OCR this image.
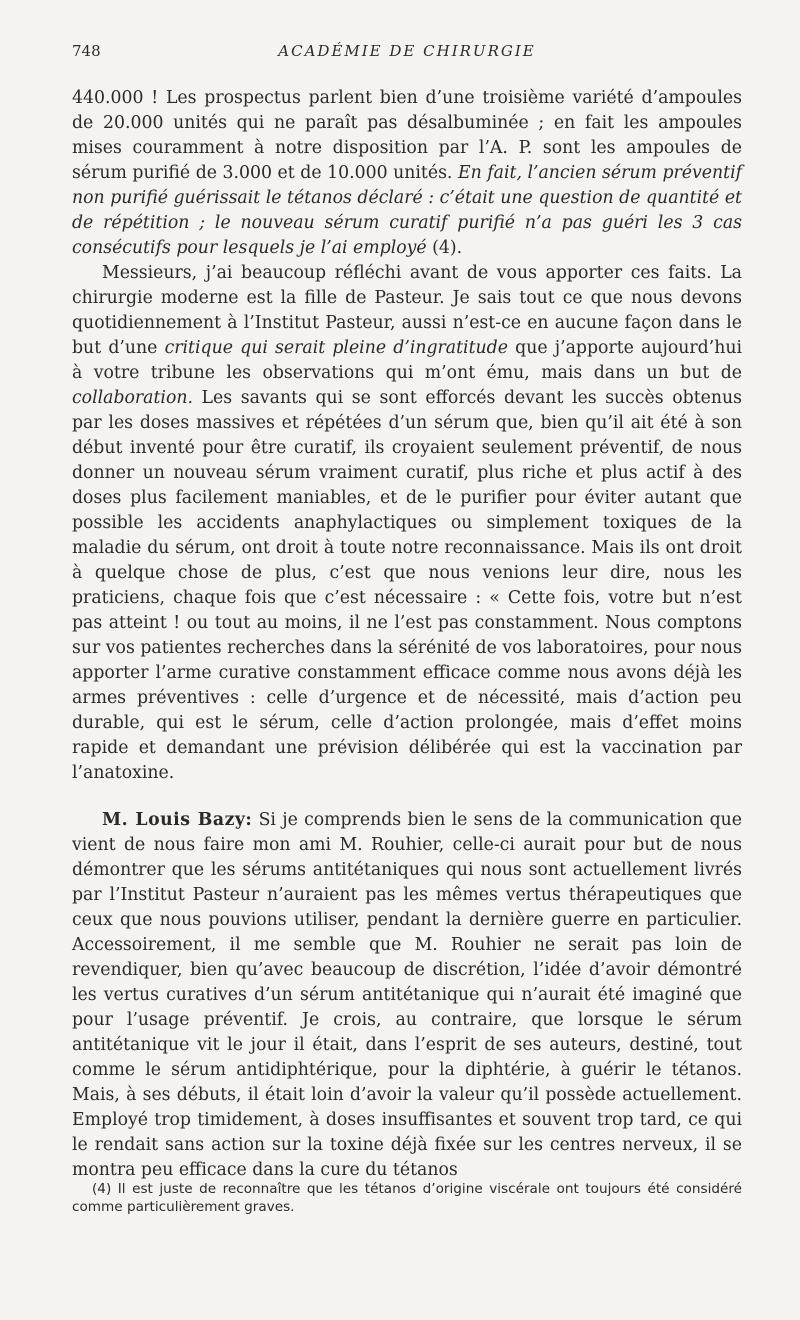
748	ACADÉMIE DE CHIRURGIE

440.000 ! Les prospectus parlent bien d’une troisième variété d’ampoules de 20.000 unités qui ne paraît pas désalbuminée ; en fait les ampoules mises couramment à notre disposition par l’A. P. sont les ampoules de sérum purifié de 3.000 et de 10.000 unités. En fait, l’ancien sérum préventif non purifié guérissait le tétanos déclaré : c’était une question de quantité et de répétition ; le nouveau sérum curatif purifié n’a pas guéri les 3 cas consécutifs pour lesquels je l’ai employé (4).

Messieurs, j’ai beaucoup réfléchi avant de vous apporter ces faits. La chirurgie moderne est la fille de Pasteur. Je sais tout ce que nous devons quotidiennement à l’Institut Pasteur, aussi n’est-ce en aucune façon dans le but d’une critique qui serait pleine d’ingratitude que j’apporte aujourd’hui à votre tribune les observations qui m’ont ému, mais dans un but de collaboration. Les savants qui se sont efforcés devant les succès obtenus par les doses massives et répétées d’un sérum que, bien qu’il ait été à son début inventé pour être curatif, ils croyaient seulement préventif, de nous donner un nouveau sérum vraiment curatif, plus riche et plus actif à des doses plus facilement maniables, et de le purifier pour éviter autant que possible les accidents anaphylactiques ou simplement toxiques de la maladie du sérum, ont droit à toute notre reconnaissance. Mais ils ont droit à quelque chose de plus, c’est que nous venions leur dire, nous les praticiens, chaque fois que c’est nécessaire : « Cette fois, votre but n’est pas atteint ! ou tout au moins, il ne l’est pas constamment. Nous comptons sur vos patientes recherches dans la sérénité de vos laboratoires, pour nous apporter l’arme curative constamment efficace comme nous avons déjà les armes préventives : celle d’urgence et de nécessité, mais d’action peu durable, qui est le sérum, celle d’action prolongée, mais d’effet moins rapide et demandant une prévision délibérée qui est la vaccination par l’anatoxine.

M. Louis Bazy: Si je comprends bien le sens de la communication que vient de nous faire mon ami M. Rouhier, celle-ci aurait pour but de nous démontrer que les sérums antitétaniques qui nous sont actuellement livrés par l’Institut Pasteur n’auraient pas les mêmes vertus thérapeutiques que ceux que nous pouvions utiliser, pendant la dernière guerre en particulier. Accessoirement, il me semble que M. Rouhier ne serait pas loin de revendiquer, bien qu’avec beaucoup de discrétion, l’idée d’avoir démontré les vertus curatives d’un sérum antitétanique qui n’aurait été imaginé que pour l’usage préventif. Je crois, au contraire, que lorsque le sérum antitétanique vit le jour il était, dans l’esprit de ses auteurs, destiné, tout comme le sérum antidiphtérique, pour la diphtérie, à guérir le tétanos. Mais, à ses débuts, il était loin d’avoir la valeur qu’il possède actuellement. Employé trop timidement, à doses insuffisantes et souvent trop tard, ce qui le rendait sans action sur la toxine déjà fixée sur les centres nerveux, il se montra peu efficace dans la cure du tétanos

(4) Il est juste de reconnaître que les tétanos d’origine viscérale ont toujours été considéré comme particulièrement graves.
